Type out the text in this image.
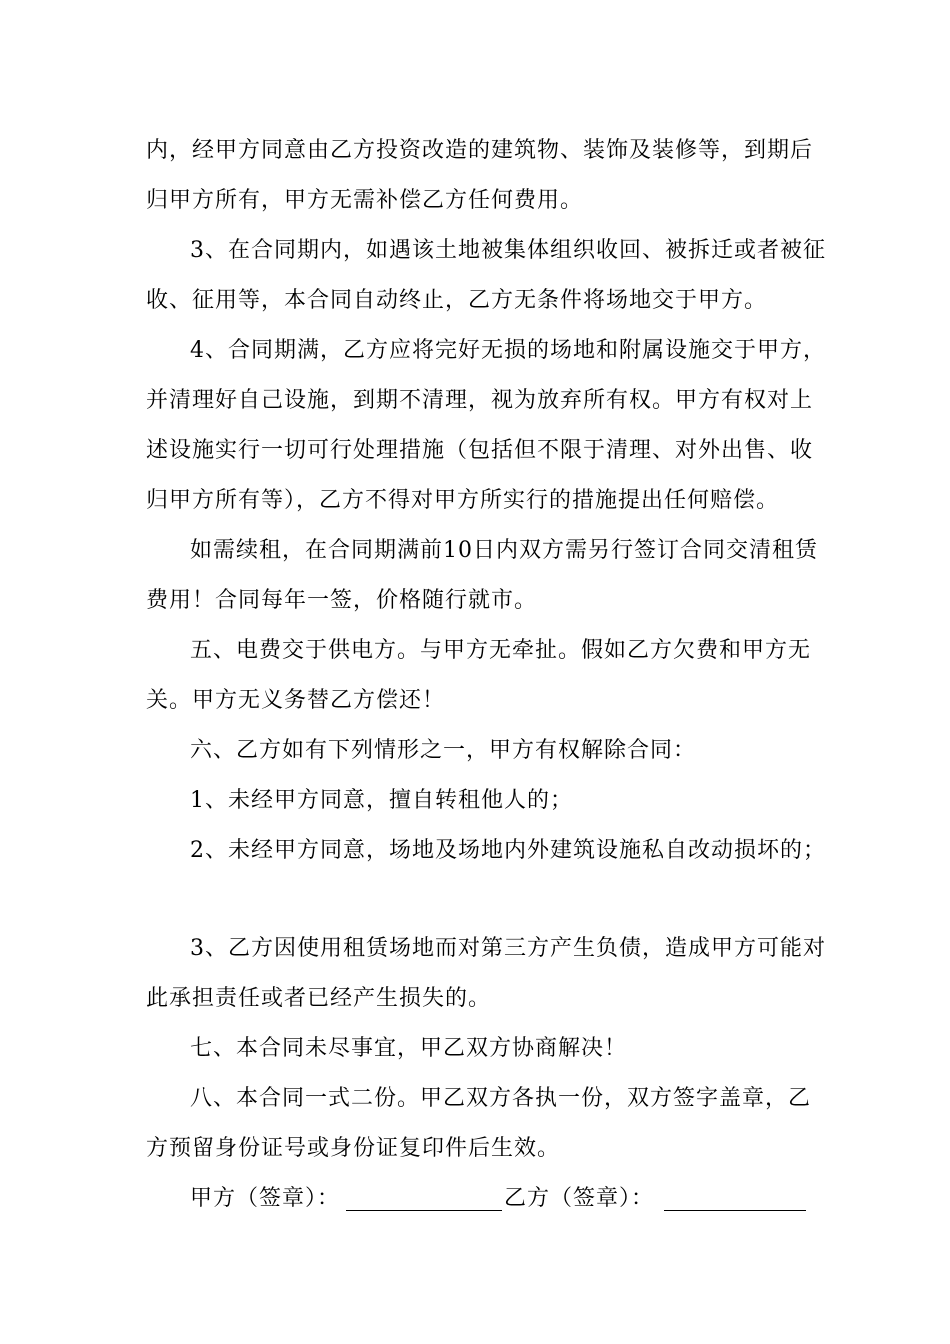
内，经甲方同意由乙方投资改造的建筑物、装饰及装修等，到期后
归甲方所有，甲方无需补偿乙方任何费用。
3、在合同期内，如遇该土地被集体组织收回、被拆迁或者被征
收、征用等，本合同自动终止，乙方无条件将场地交于甲方。
4、合同期满，乙方应将完好无损的场地和附属设施交于甲方，
并清理好自己设施，到期不清理，视为放弃所有权。甲方有权对上
述设施实行一切可行处理措施（包括但不限于清理、对外出售、收
归甲方所有等），乙方不得对甲方所实行的措施提出任何赔偿。
如需续租，在合同期满前10日内双方需另行签订合同交清租赁
费用！合同每年一签，价格随行就市。
五、电费交于供电方。与甲方无牵扯。假如乙方欠费和甲方无
关。甲方无义务替乙方偿还！
六、乙方如有下列情形之一，甲方有权解除合同：
1、未经甲方同意，擅自转租他人的；
2、未经甲方同意，场地及场地内外建筑设施私自改动损坏的；
3、乙方因使用租赁场地而对第三方产生负债，造成甲方可能对
此承担责任或者已经产生损失的。
七、本合同未尽事宜，甲乙双方协商解决！
八、本合同一式二份。甲乙双方各执一份，双方签字盖章，乙
方预留身份证号或身份证复印件后生效。
甲方（签章）：	乙方（签章）：
